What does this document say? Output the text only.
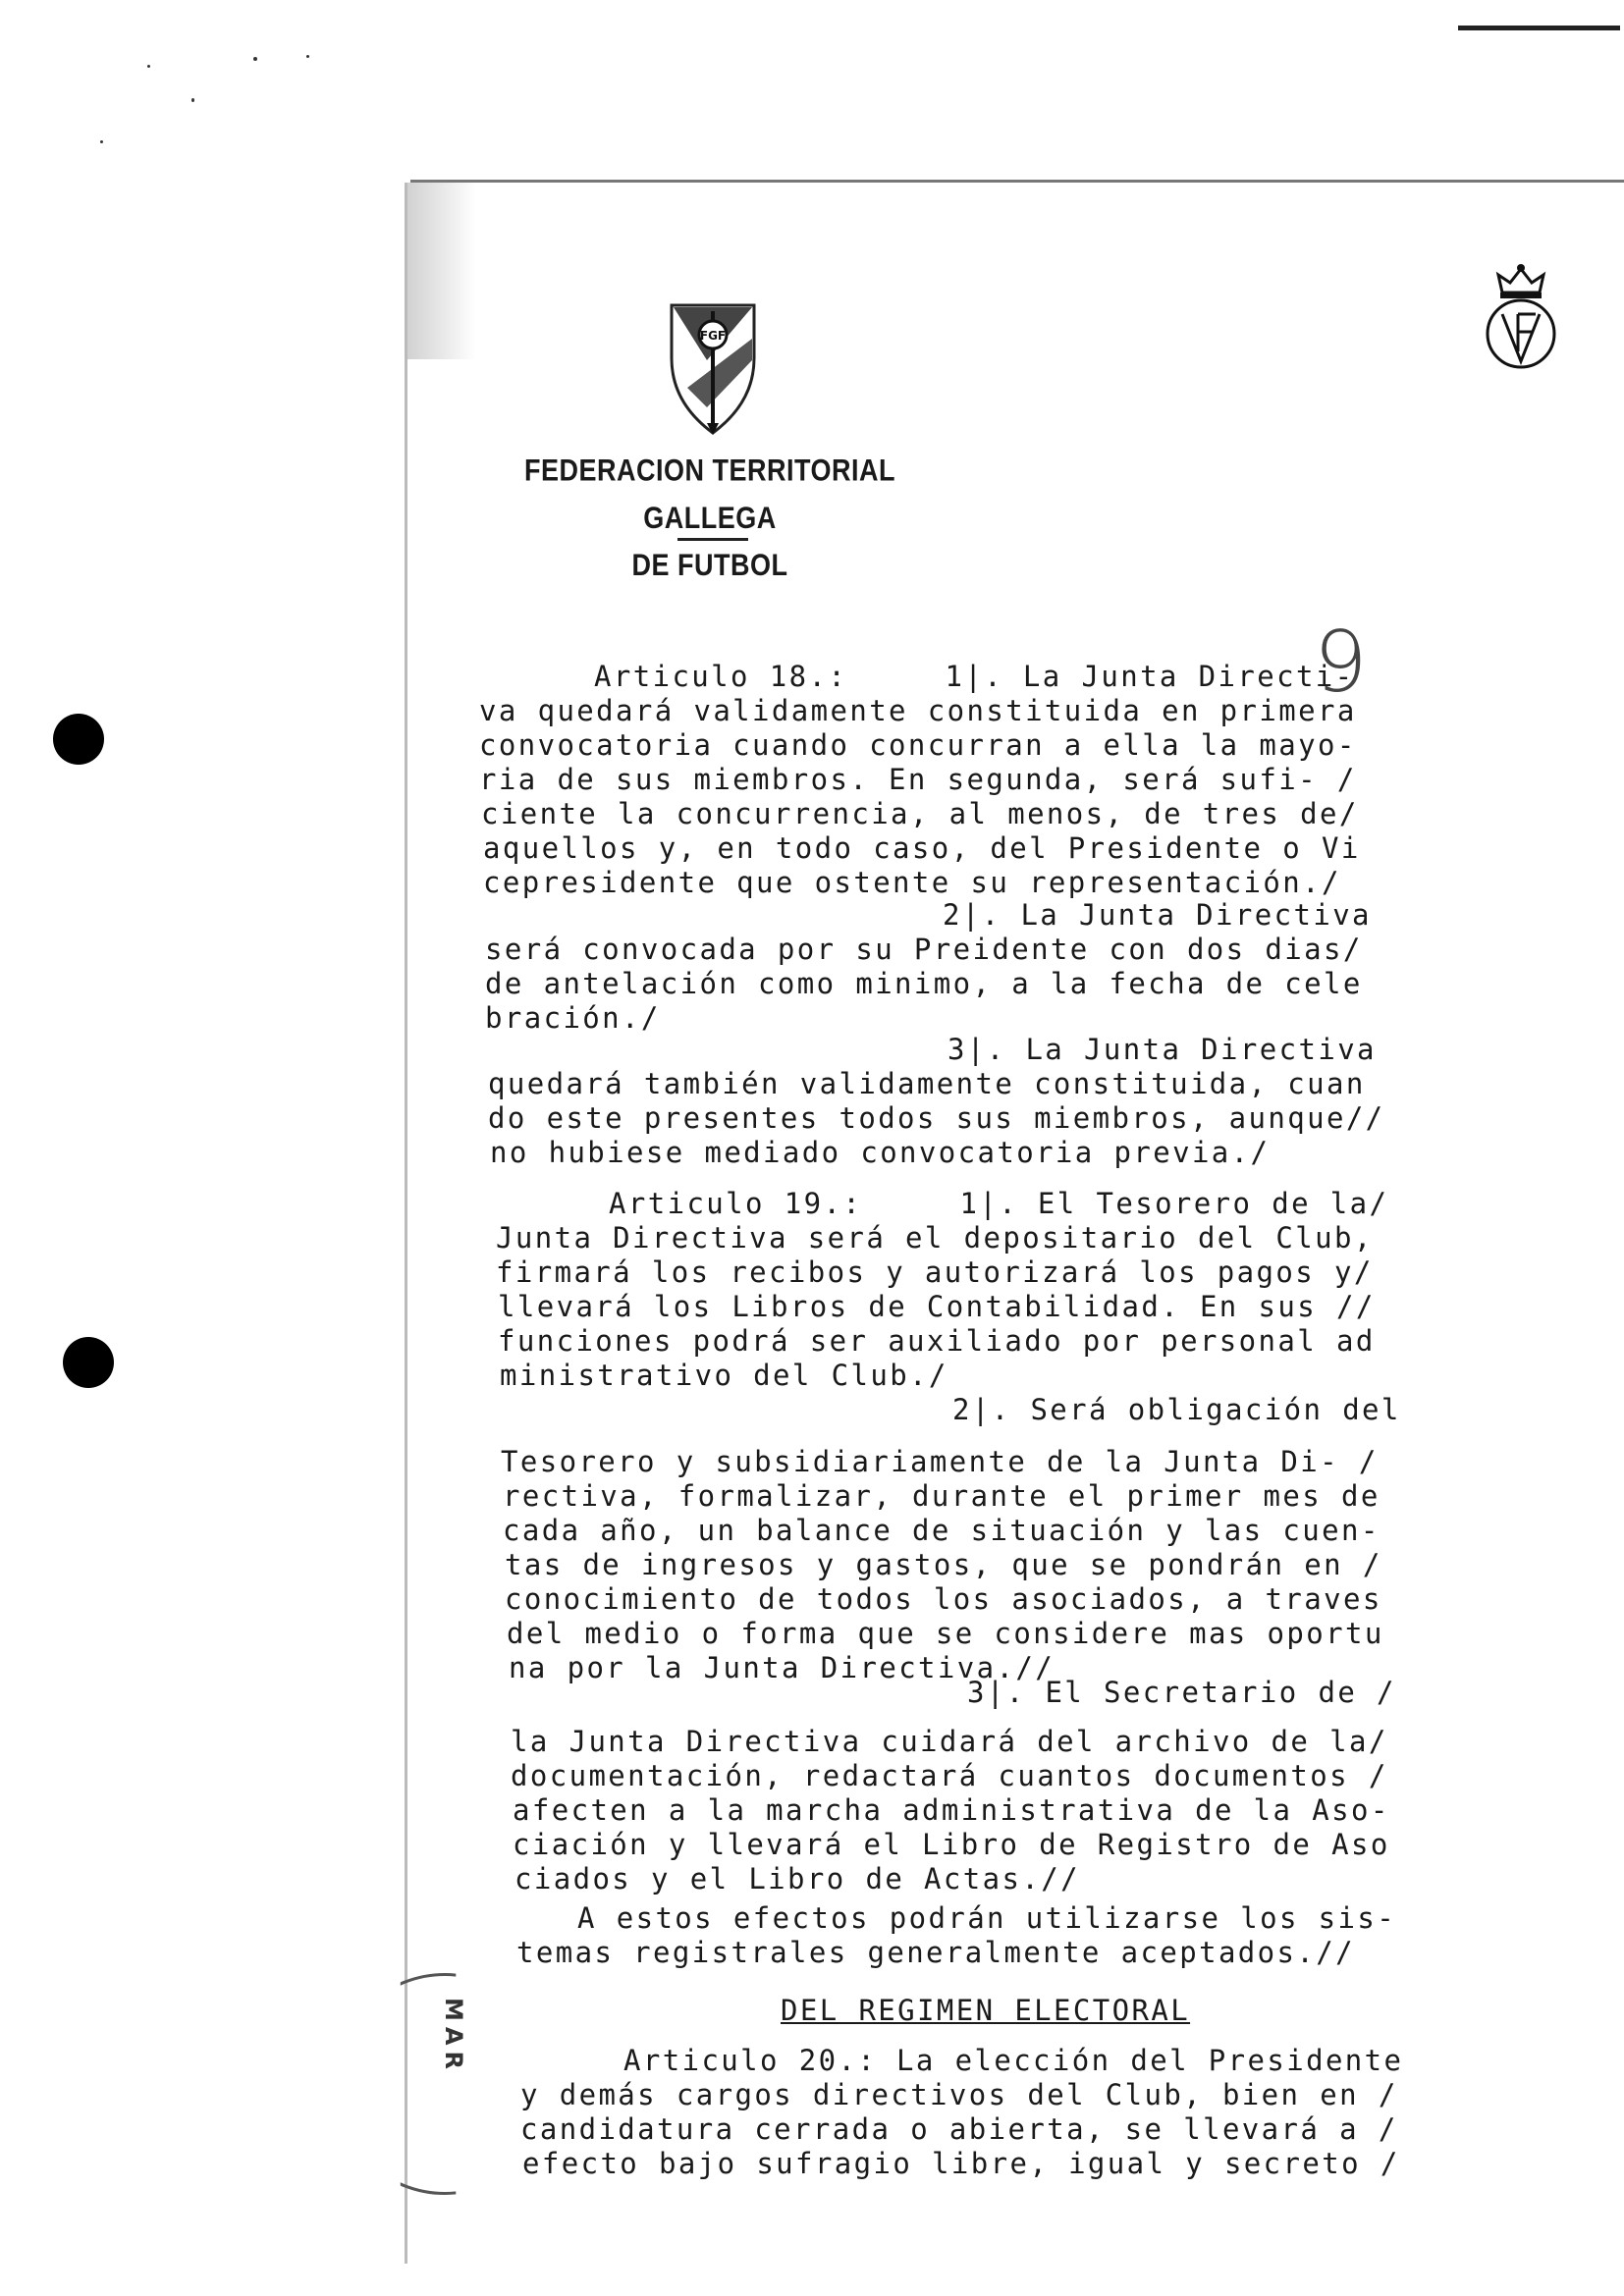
FGF
FEDERACION TERRITORIAL GALLEGA
DE FUTBOL
9
Articulo 18.:     1|. La Junta Directi-
va quedará validamente constituida en primera
convocatoria cuando concurran a ella la mayo-
ria de sus miembros. En segunda, será sufi- /
ciente la concurrencia, al menos, de tres de/
aquellos y, en todo caso, del Presidente o Vi
cepresidente que ostente su representación./
2|. La Junta Directiva
será convocada por su Preidente con dos dias/
de antelación como minimo, a la fecha de cele
bración./
3|. La Junta Directiva
quedará también validamente constituida, cuan
do este presentes todos sus miembros, aunque//
no hubiese mediado convocatoria previa./
Articulo 19.:     1|. El Tesorero de la/
Junta Directiva será el depositario del Club,
firmará los recibos y autorizará los pagos y/
llevará los Libros de Contabilidad. En sus //
funciones podrá ser auxiliado por personal ad
ministrativo del Club./
2|. Será obligación del
Tesorero y subsidiariamente de la Junta Di- /
rectiva, formalizar, durante el primer mes de
cada año, un balance de situación y las cuen-
tas de ingresos y gastos, que se pondrán en /
conocimiento de todos los asociados, a traves
del medio o forma que se considere mas oportu
na por la Junta Directiva.//
3|. El Secretario de /
la Junta Directiva cuidará del archivo de la/
documentación, redactará cuantos documentos /
afecten a la marcha administrativa de la Aso-
ciación y llevará el Libro de Registro de Aso
ciados y el Libro de Actas.//
A estos efectos podrán utilizarse los sis-
temas registrales generalmente aceptados.//
DEL REGIMEN ELECTORAL
Articulo 20.: La elección del Presidente
y demás cargos directivos del Club, bien en /
candidatura cerrada o abierta, se llevará a /
efecto bajo sufragio libre, igual y secreto /
MAR
